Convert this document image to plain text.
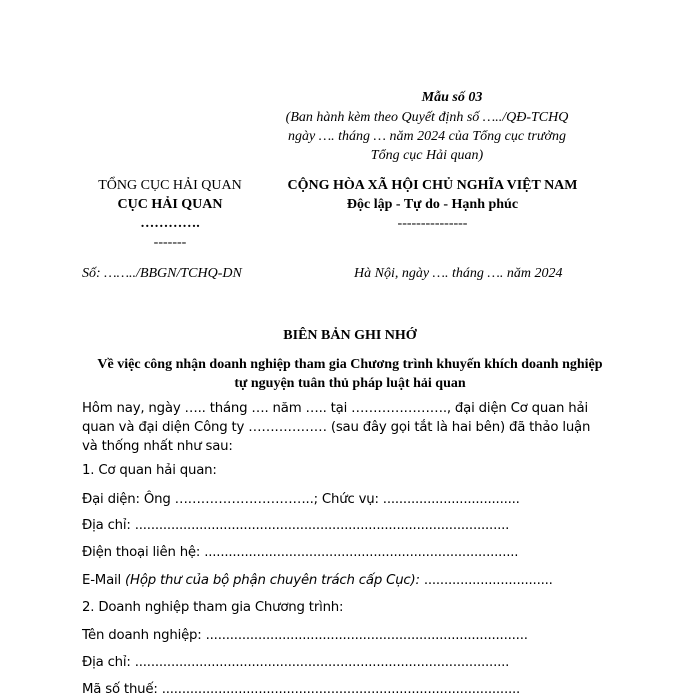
Mẫu số 03
(Ban hành kèm theo Quyết định số …../QĐ-TCHQ
ngày …. tháng … năm 2024 của Tổng cục trưởng
Tổng cục Hải quan)
TỔNG CỤC HẢI QUAN
CỤC HẢI QUAN
………….
-------
CỘNG HÒA XÃ HỘI CHỦ NGHĨA VIỆT NAM
Độc lập - Tự do - Hạnh phúc
---------------
Số: ……../BBGN/TCHQ-DN	Hà Nội, ngày …. tháng …. năm 2024
BIÊN BẢN GHI NHỚ
Về việc công nhận doanh nghiệp tham gia Chương trình khuyến khích doanh nghiệp tự nguyện tuân thủ pháp luật hải quan

Hôm nay, ngày ….. tháng …. năm ….. tại …………………., đại diện Cơ quan hải quan và đại diện Công ty ……………… (sau đây gọi tắt là hai bên) đã thảo luận và thống nhất như sau:

1. Cơ quan hải quan:
Đại diện: Ông …………………………..; Chức vụ: ..................................
Địa chỉ: .............................................................................................
Điện thoại liên hệ: ..............................................................................
E-Mail (Hộp thư của bộ phận chuyên trách cấp Cục): ................................
2. Doanh nghiệp tham gia Chương trình:
Tên doanh nghiệp: ................................................................................
Địa chỉ: .............................................................................................
Mã số thuế: .........................................................................................
